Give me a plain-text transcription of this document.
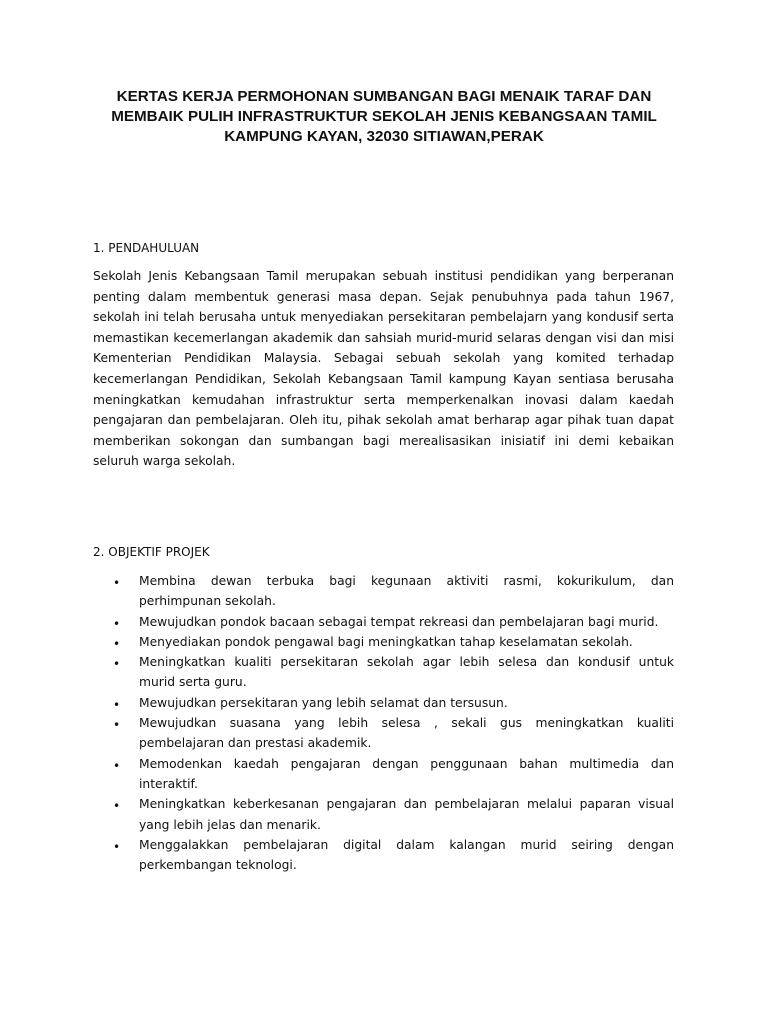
KERTAS KERJA PERMOHONAN SUMBANGAN BAGI MENAIK TARAF DAN
MEMBAIK PULIH INFRASTRUKTUR SEKOLAH JENIS KEBANGSAAN TAMIL
KAMPUNG KAYAN, 32030 SITIAWAN,PERAK
1. PENDAHULUAN
Sekolah Jenis Kebangsaan Tamil merupakan sebuah institusi pendidikan yang berperanan
penting dalam membentuk generasi masa depan. Sejak penubuhnya pada tahun 1967,
sekolah ini telah berusaha untuk menyediakan persekitaran pembelajarn yang kondusif serta
memastikan kecemerlangan akademik dan sahsiah murid-murid selaras dengan visi dan misi
Kementerian Pendidikan Malaysia. Sebagai sebuah sekolah yang komited terhadap
kecemerlangan Pendidikan, Sekolah Kebangsaan Tamil kampung Kayan sentiasa berusaha
meningkatkan kemudahan infrastruktur serta memperkenalkan inovasi dalam kaedah
pengajaran dan pembelajaran. Oleh itu, pihak sekolah amat berharap agar pihak tuan dapat
memberikan sokongan dan sumbangan bagi merealisasikan inisiatif ini demi kebaikan
seluruh warga sekolah.
2. OBJEKTIF PROJEK
• Membina dewan terbuka bagi kegunaan aktiviti rasmi, kokurikulum, dan
perhimpunan sekolah.
• Mewujudkan pondok bacaan sebagai tempat rekreasi dan pembelajaran bagi murid.
• Menyediakan pondok pengawal bagi meningkatkan tahap keselamatan sekolah.
• Meningkatkan kualiti persekitaran sekolah agar lebih selesa dan kondusif untuk
murid serta guru.
• Mewujudkan persekitaran yang lebih selamat dan tersusun.
• Mewujudkan suasana yang lebih selesa , sekali gus meningkatkan kualiti
pembelajaran dan prestasi akademik.
• Memodenkan kaedah pengajaran dengan penggunaan bahan multimedia dan
interaktif.
• Meningkatkan keberkesanan pengajaran dan pembelajaran melalui paparan visual
yang lebih jelas dan menarik.
• Menggalakkan pembelajaran digital dalam kalangan murid seiring dengan
perkembangan teknologi.
